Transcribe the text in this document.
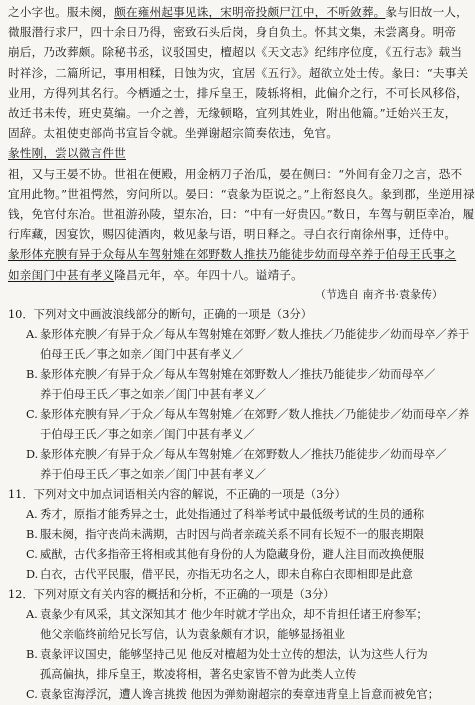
之小字也。服未阕，颇在雍州起事见诛，宋明帝投颇尸江中，不听敛葬。彖与旧故一人，

微服潜行求尸，四十余日乃得，密致石头后岗，身自负土。怀其文集，未尝离身。明帝

崩后，乃改葬颇。除秘书丞，议驳国史，檀超以《天文志》纪纬序位度，《五行志》载当

时祥沴，二篇所记，事用相糅，日蚀为灾，宜居《五行》。超欲立处士传。彖曰：“夫事关

业用，方得列其名行。今栖遁之士，排斥皇王，陵轹将相，此偏介之行，不可长风移俗，

故迁书未传，班史莫编。一介之善，无缘顿略，宜列其姓业，附出他篇。”迁始兴王友，

固辞。太祖使吏部尚书宣旨令就。坐弹谢超宗简奏依违，免官。

彖性刚，尝以微言件世

祖，又与王晏不协。世祖在便殿，用金柄刀子治瓜，晏在侧曰：“外间有金刀之言，恐不

宜用此物。”世祖愕然，穷问所以。晏曰：“袁彖为臣说之。”上衔怒良久。彖到郡，坐逆用禄

钱，免官付东冶。世祖游孙陵，望东冶，曰：“中有一好贵囚。”数日，车驾与朝臣幸冶，履

行库藏，因宴饮，赐囚徒酒肉，敕见彖与语，明日释之。寻白衣行南徐州事，迁侍中。

彖形体充腴有异于众每从车驾射雉在郊野数人推扶乃能徒步幼而母卒养于伯母王氏事之

如亲闺门中甚有孝义隆昌元年，卒。年四十八。谥靖子。

（节选自 南齐书·袁彖传）

10．下列对文中画波浪线部分的断句，正确的一项是（3分）

A. 彖形体充腴／有异于众／每从车驾射雉在郊野／数人推扶／乃能徒步／幼而母卒／养于

伯母王氏／事之如亲／闺门中甚有孝义／

B. 彖形体充腴／有异于众／每从车驾射雉在郊野数人／推扶乃能徒步／幼而母卒／

养于伯母王氏／事之如亲／闺门中甚有孝义／

C. 彖形体充腴有异／于众／每从车驾射雉／在郊野／数人推扶／乃能徒步／幼而母卒／养

于伯母王氏／事之如亲／闺门中甚有孝义／

D. 彖形体充腴／有异于众／每从车驾射雉／在郊野数人／推扶乃能徒步／幼而母卒／

养于伯母王氏／事之如亲／闺门中甚有孝义／

11．下列对文中加点词语相关内容的解说，不正确的一项是（3分）

A. 秀才，原指才能秀异之士，此处指通过了科举考试中最低级考试的生员的通称

B. 服未阕，指守丧尚未满期，古时因与尚者亲疏关系不同有长短不一的服丧期限

C. 威猷，古代多指帝王将相或其他有身份的人为隐藏身份，避人注目而改换便服

D. 白衣，古代平民服，借平民，亦指无功名之人，即未自称白衣即相即是此意

12．下列对原文有关内容的概括和分析，不正确的一项是（3分）

A. 袁彖少有风采，其文深知其才 他少年时就才学出众，却不肯担任诸王府参军；

他父亲临终前给兄长写信，认为袁彖颇有才识，能够显扬祖业

B. 袁彖评议国史，能够坚持己见 他反对檀超为处士立传的想法，认为这些人行为

孤高偏执，排斥皇王，欺凌将相，著名史家皆不曾为此类人立传

C. 袁彖宦海浮沉，遭人谗言挑拨 他因为弹劾谢超宗的奏章违背皇上旨意而被免官；
